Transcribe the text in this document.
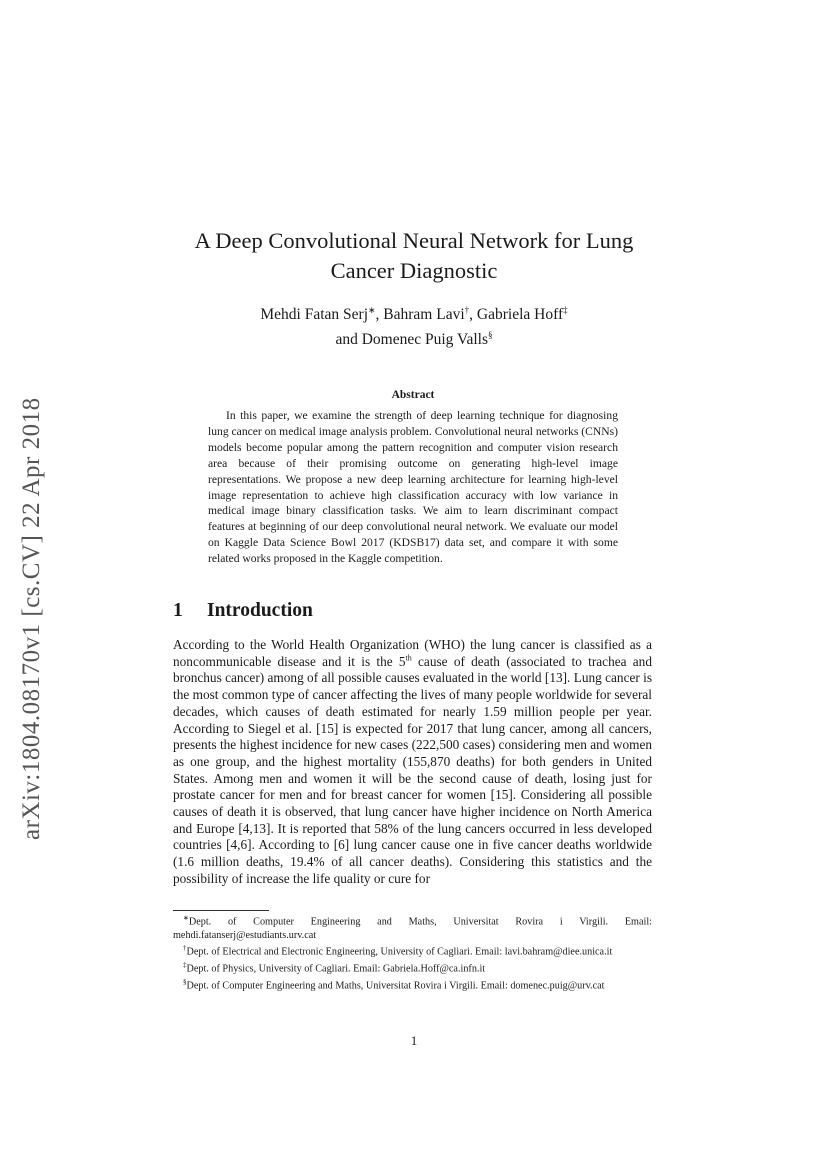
arXiv:1804.08170v1 [cs.CV] 22 Apr 2018
A Deep Convolutional Neural Network for Lung
Cancer Diagnostic
Mehdi Fatan Serj∗, Bahram Lavi†, Gabriela Hoff‡
and Domenec Puig Valls§
Abstract

In this paper, we examine the strength of deep learning technique for diagnosing lung cancer on medical image analysis problem. Convolutional neural networks (CNNs) models become popular among the pattern recognition and computer vision research area because of their promising outcome on generating high-level image representations. We propose a new deep learning architecture for learning high-level image representation to achieve high classification accuracy with low variance in medical image binary classification tasks. We aim to learn discriminant compact features at beginning of our deep convolutional neural network. We evaluate our model on Kaggle Data Science Bowl 2017 (KDSB17) data set, and compare it with some related works proposed in the Kaggle competition.

1 Introduction

According to the World Health Organization (WHO) the lung cancer is classified as a noncommunicable disease and it is the 5th cause of death (associated to trachea and bronchus cancer) among of all possible causes evaluated in the world [13]. Lung cancer is the most common type of cancer affecting the lives of many people worldwide for several decades, which causes of death estimated for nearly 1.59 million people per year. According to Siegel et al. [15] is expected for 2017 that lung cancer, among all cancers, presents the highest incidence for new cases (222,500 cases) considering men and women as one group, and the highest mortality (155,870 deaths) for both genders in United States. Among men and women it will be the second cause of death, losing just for prostate cancer for men and for breast cancer for women [15]. Considering all possible causes of death it is observed, that lung cancer have higher incidence on North America and Europe [4,13]. It is reported that 58% of the lung cancers occurred in less developed countries [4,6]. According to [6] lung cancer cause one in five cancer deaths worldwide (1.6 million deaths, 19.4% of all cancer deaths). Considering this statistics and the possibility of increase the life quality or cure for

∗Dept. of Computer Engineering and Maths, Universitat Rovira i Virgili. Email: mehdi.fatanserj@estudiants.urv.cat

†Dept. of Electrical and Electronic Engineering, University of Cagliari. Email: lavi.bahram@diee.unica.it

‡Dept. of Physics, University of Cagliari. Email: Gabriela.Hoff@ca.infn.it

§Dept. of Computer Engineering and Maths, Universitat Rovira i Virgili. Email: domenec.puig@urv.cat

1
